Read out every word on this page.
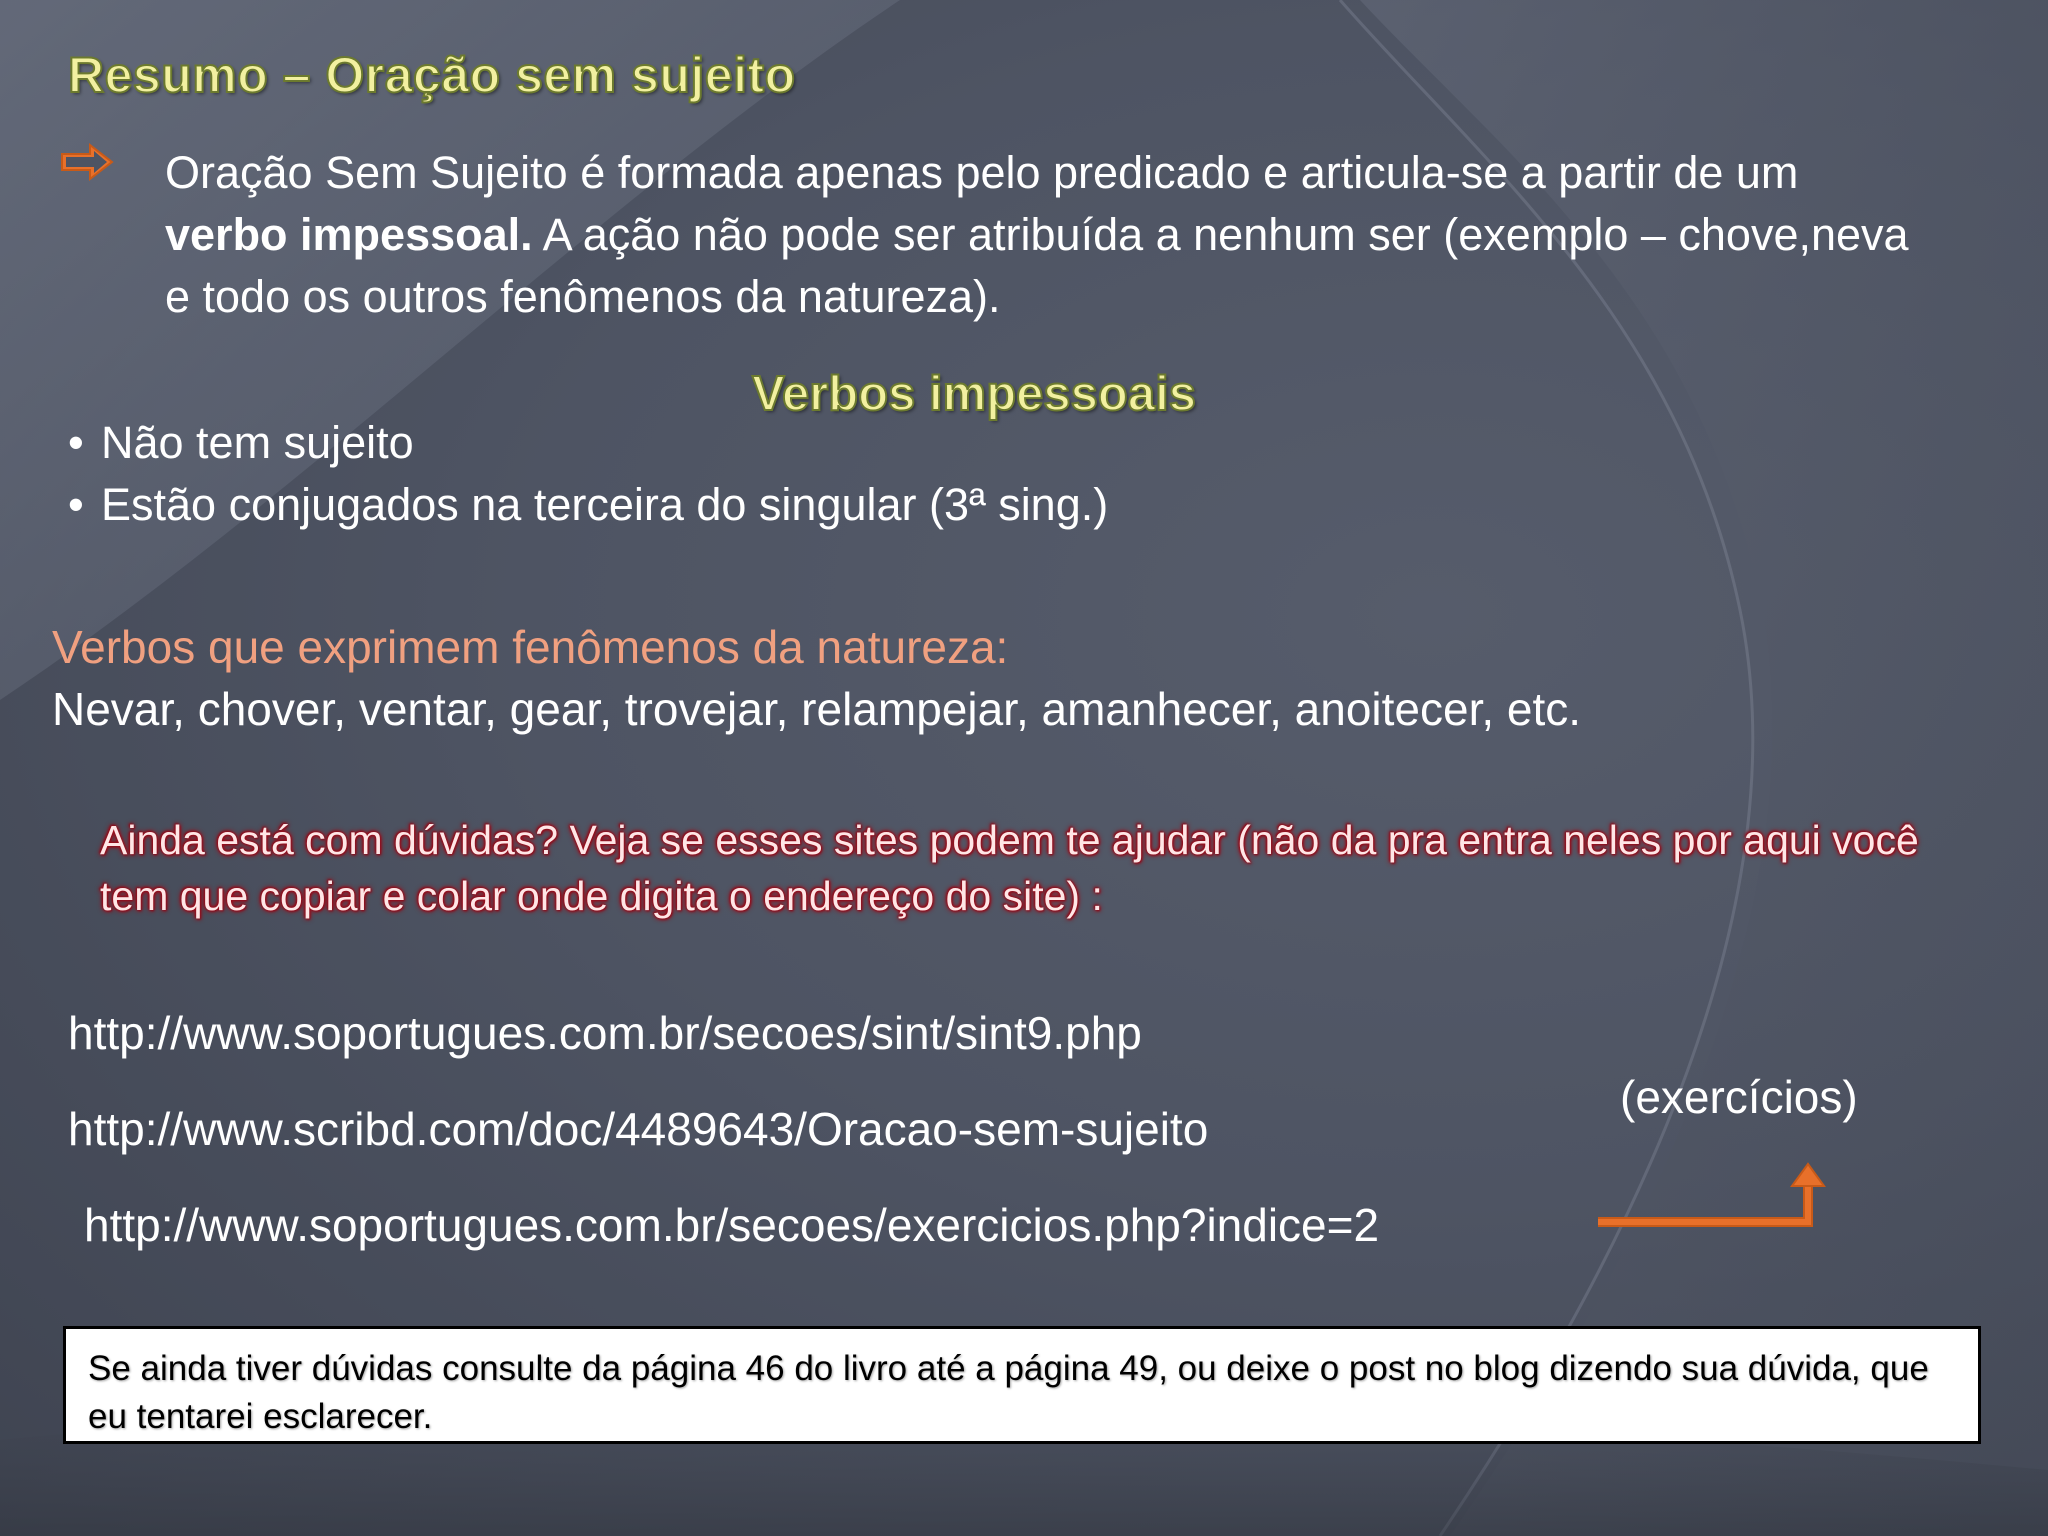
Resumo – Oração sem sujeito
Oração Sem Sujeito é formada apenas pelo predicado e articula-se a partir de um verbo impessoal. A ação não pode ser atribuída a nenhum ser (exemplo – chove,neva e todo os outros fenômenos da natureza).
Verbos impessoais
• Não tem sujeito
• Estão conjugados na terceira do singular (3ª sing.)
Verbos que exprimem fenômenos da natureza:
Nevar, chover, ventar, gear, trovejar, relampejar, amanhecer, anoitecer, etc.
Ainda está com dúvidas? Veja se esses sites podem te ajudar (não da pra entra neles por aqui você tem que copiar e colar onde digita o endereço do site) :
http://www.soportugues.com.br/secoes/sint/sint9.php
http://www.scribd.com/doc/4489643/Oracao-sem-sujeito
http://www.soportugues.com.br/secoes/exercicios.php?indice=2
(exercícios)
Se ainda tiver dúvidas consulte da página 46 do livro até a página 49, ou deixe o post no blog dizendo sua dúvida, que eu tentarei esclarecer.
